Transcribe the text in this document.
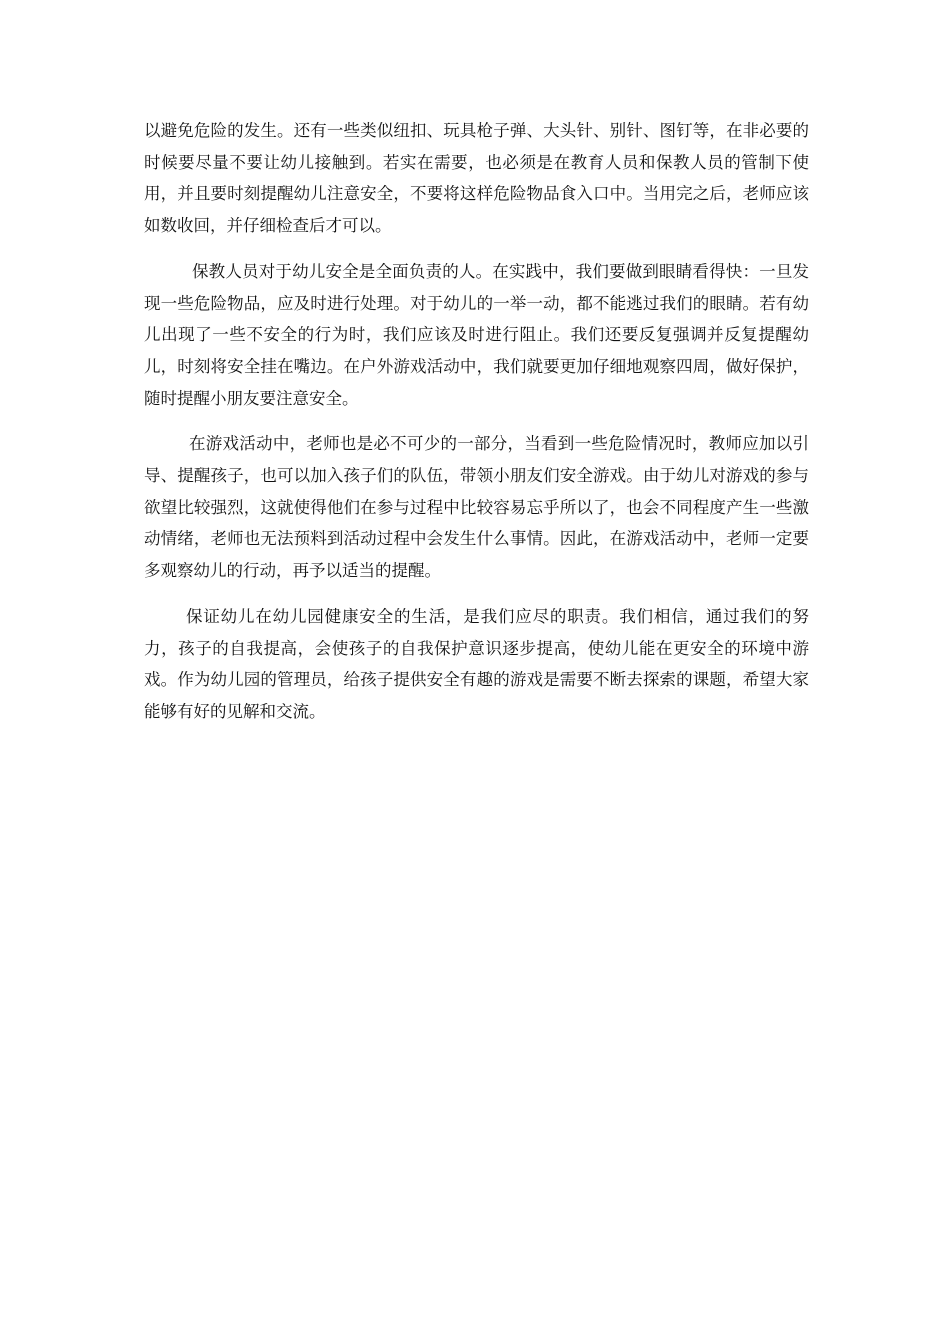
以避免危险的发生。还有一些类似纽扣、玩具枪子弹、大头针、别针、图钉等，在非必要的时候要尽量不要让幼儿接触到。若实在需要，也必须是在教育人员和保教人员的管制下使用，并且要时刻提醒幼儿注意安全，不要将这样危险物品食入口中。当用完之后，老师应该如数收回，并仔细检查后才可以。

保教人员对于幼儿安全是全面负责的人。在实践中，我们要做到眼睛看得快：一旦发现一些危险物品，应及时进行处理。对于幼儿的一举一动，都不能逃过我们的眼睛。若有幼儿出现了一些不安全的行为时，我们应该及时进行阻止。我们还要反复强调并反复提醒幼儿，时刻将安全挂在嘴边。在户外游戏活动中，我们就要更加仔细地观察四周，做好保护，随时提醒小朋友要注意安全。

在游戏活动中，老师也是必不可少的一部分，当看到一些危险情况时，教师应加以引导、提醒孩子，也可以加入孩子们的队伍，带领小朋友们安全游戏。由于幼儿对游戏的参与欲望比较强烈，这就使得他们在参与过程中比较容易忘乎所以了，也会不同程度产生一些激动情绪，老师也无法预料到活动过程中会发生什么事情。因此，在游戏活动中，老师一定要多观察幼儿的行动，再予以适当的提醒。

保证幼儿在幼儿园健康安全的生活，是我们应尽的职责。我们相信，通过我们的努力，孩子的自我提高，会使孩子的自我保护意识逐步提高，使幼儿能在更安全的环境中游戏。作为幼儿园的管理员，给孩子提供安全有趣的游戏是需要不断去探索的课题，希望大家能够有好的见解和交流。
